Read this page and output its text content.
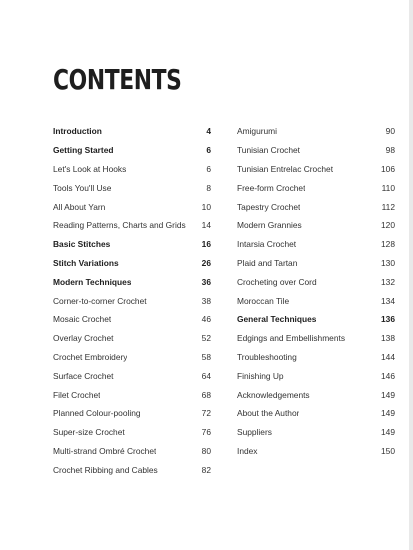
CONTENTS
Introduction	4
Getting Started	6
Let's Look at Hooks	6
Tools You'll Use	8
All About Yarn	10
Reading Patterns, Charts and Grids 14
Basic Stitches	16
Stitch Variations	26
Modern Techniques	36
Corner-to-corner Crochet	38
Mosaic Crochet	46
Overlay Crochet	52
Crochet Embroidery	58
Surface Crochet	64
Filet Crochet	68
Planned Colour-pooling	72
Super-size Crochet	76
Multi-strand Ombré Crochet	80
Crochet Ribbing and Cables	82
Amigurumi	90
Tunisian Crochet	98
Tunisian Entrelac Crochet	106
Free-form Crochet	110
Tapestry Crochet	112
Modern Grannies	120
Intarsia Crochet	128
Plaid and Tartan	130
Crocheting over Cord	132
Moroccan Tile	134
General Techniques	136
Edgings and Embellishments	138
Troubleshooting	144
Finishing Up	146
Acknowledgements	149
About the Author	149
Suppliers	149
Index	150
